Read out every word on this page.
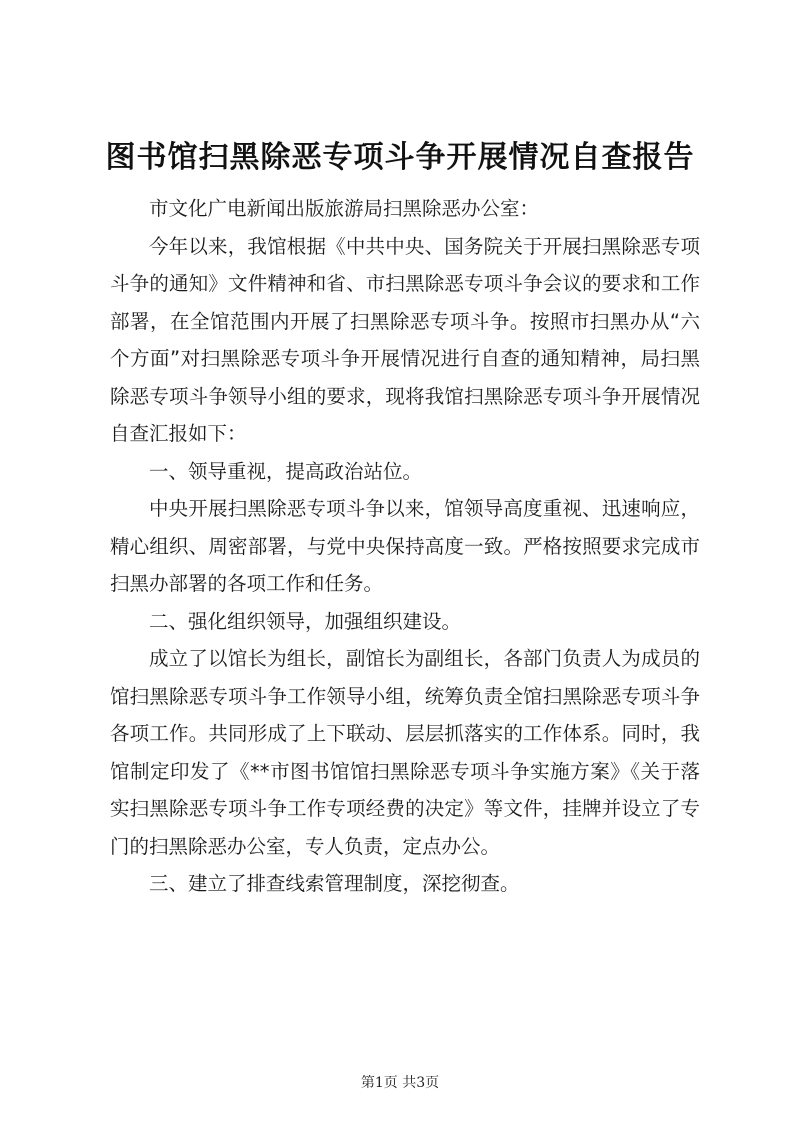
图书馆扫黑除恶专项斗争开展情况自查报告

市文化广电新闻出版旅游局扫黑除恶办公室：

今年以来，我馆根据《中共中央、国务院关于开展扫黑除恶专项斗争的通知》文件精神和省、市扫黑除恶专项斗争会议的要求和工作部署，在全馆范围内开展了扫黑除恶专项斗争。按照市扫黑办从“六个方面”对扫黑除恶专项斗争开展情况进行自查的通知精神，局扫黑除恶专项斗争领导小组的要求，现将我馆扫黑除恶专项斗争开展情况自查汇报如下：

一、领导重视，提高政治站位。

中央开展扫黑除恶专项斗争以来，馆领导高度重视、迅速响应，精心组织、周密部署，与党中央保持高度一致。严格按照要求完成市扫黑办部署的各项工作和任务。

二、强化组织领导，加强组织建设。

成立了以馆长为组长，副馆长为副组长，各部门负责人为成员的馆扫黑除恶专项斗争工作领导小组，统筹负责全馆扫黑除恶专项斗争各项工作。共同形成了上下联动、层层抓落实的工作体系。同时，我馆制定印发了《**市图书馆馆扫黑除恶专项斗争实施方案》《关于落实扫黑除恶专项斗争工作专项经费的决定》等文件，挂牌并设立了专门的扫黑除恶办公室，专人负责，定点办公。

三、建立了排查线索管理制度，深挖彻查。

第1页 共3页
